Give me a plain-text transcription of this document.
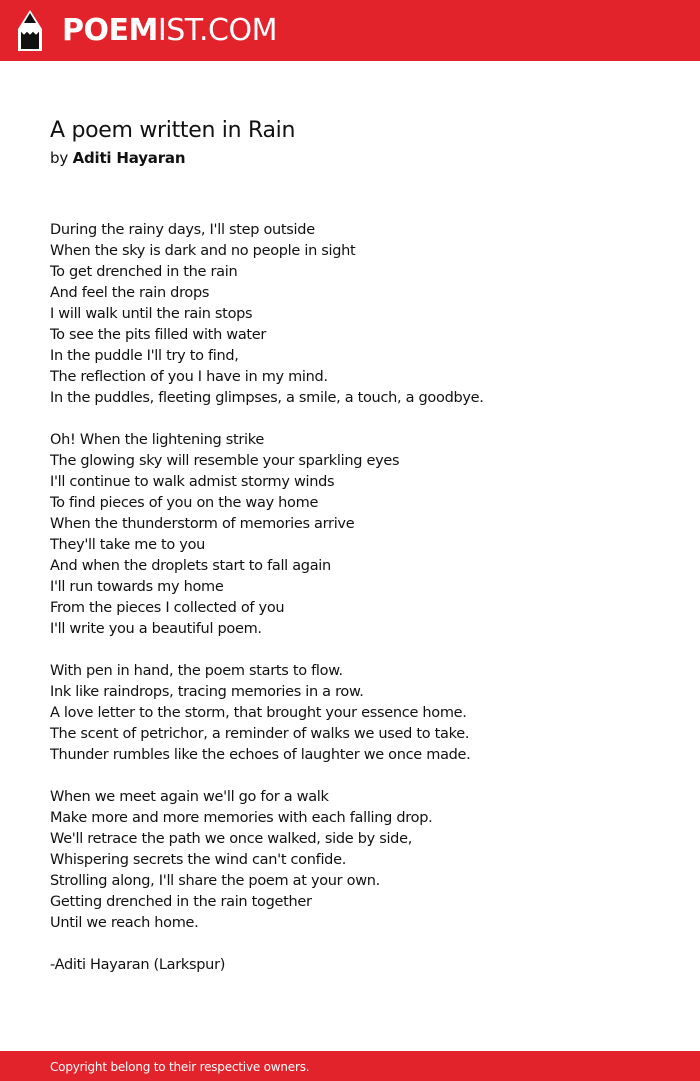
POEMIST.COM
A poem written in Rain
by Aditi Hayaran
During the rainy days, I'll step outside
When the sky is dark and no people in sight
To get drenched in the rain
And feel the rain drops
I will walk until the rain stops
To see the pits filled with water
In the puddle I'll try to find,
The reflection of you I have in my mind.
In the puddles, fleeting glimpses, a smile, a touch, a goodbye.
Oh! When the lightening strike
The glowing sky will resemble your sparkling eyes
I'll continue to walk admist stormy winds
To find pieces of you on the way home
When the thunderstorm of memories arrive
They'll take me to you
And when the droplets start to fall again
I'll run towards my home
From the pieces I collected of you
I'll write you a beautiful poem.
With pen in hand, the poem starts to flow.
Ink like raindrops, tracing memories in a row.
A love letter to the storm, that brought your essence home.
The scent of petrichor, a reminder of walks we used to take.
Thunder rumbles like the echoes of laughter we once made.
When we meet again we'll go for a walk
Make more and more memories with each falling drop.
We'll retrace the path we once walked, side by side,
Whispering secrets the wind can't confide.
Strolling along, I'll share the poem at your own.
Getting drenched in the rain together
Until we reach home.
-Aditi Hayaran (Larkspur)
Copyright belong to their respective owners.
